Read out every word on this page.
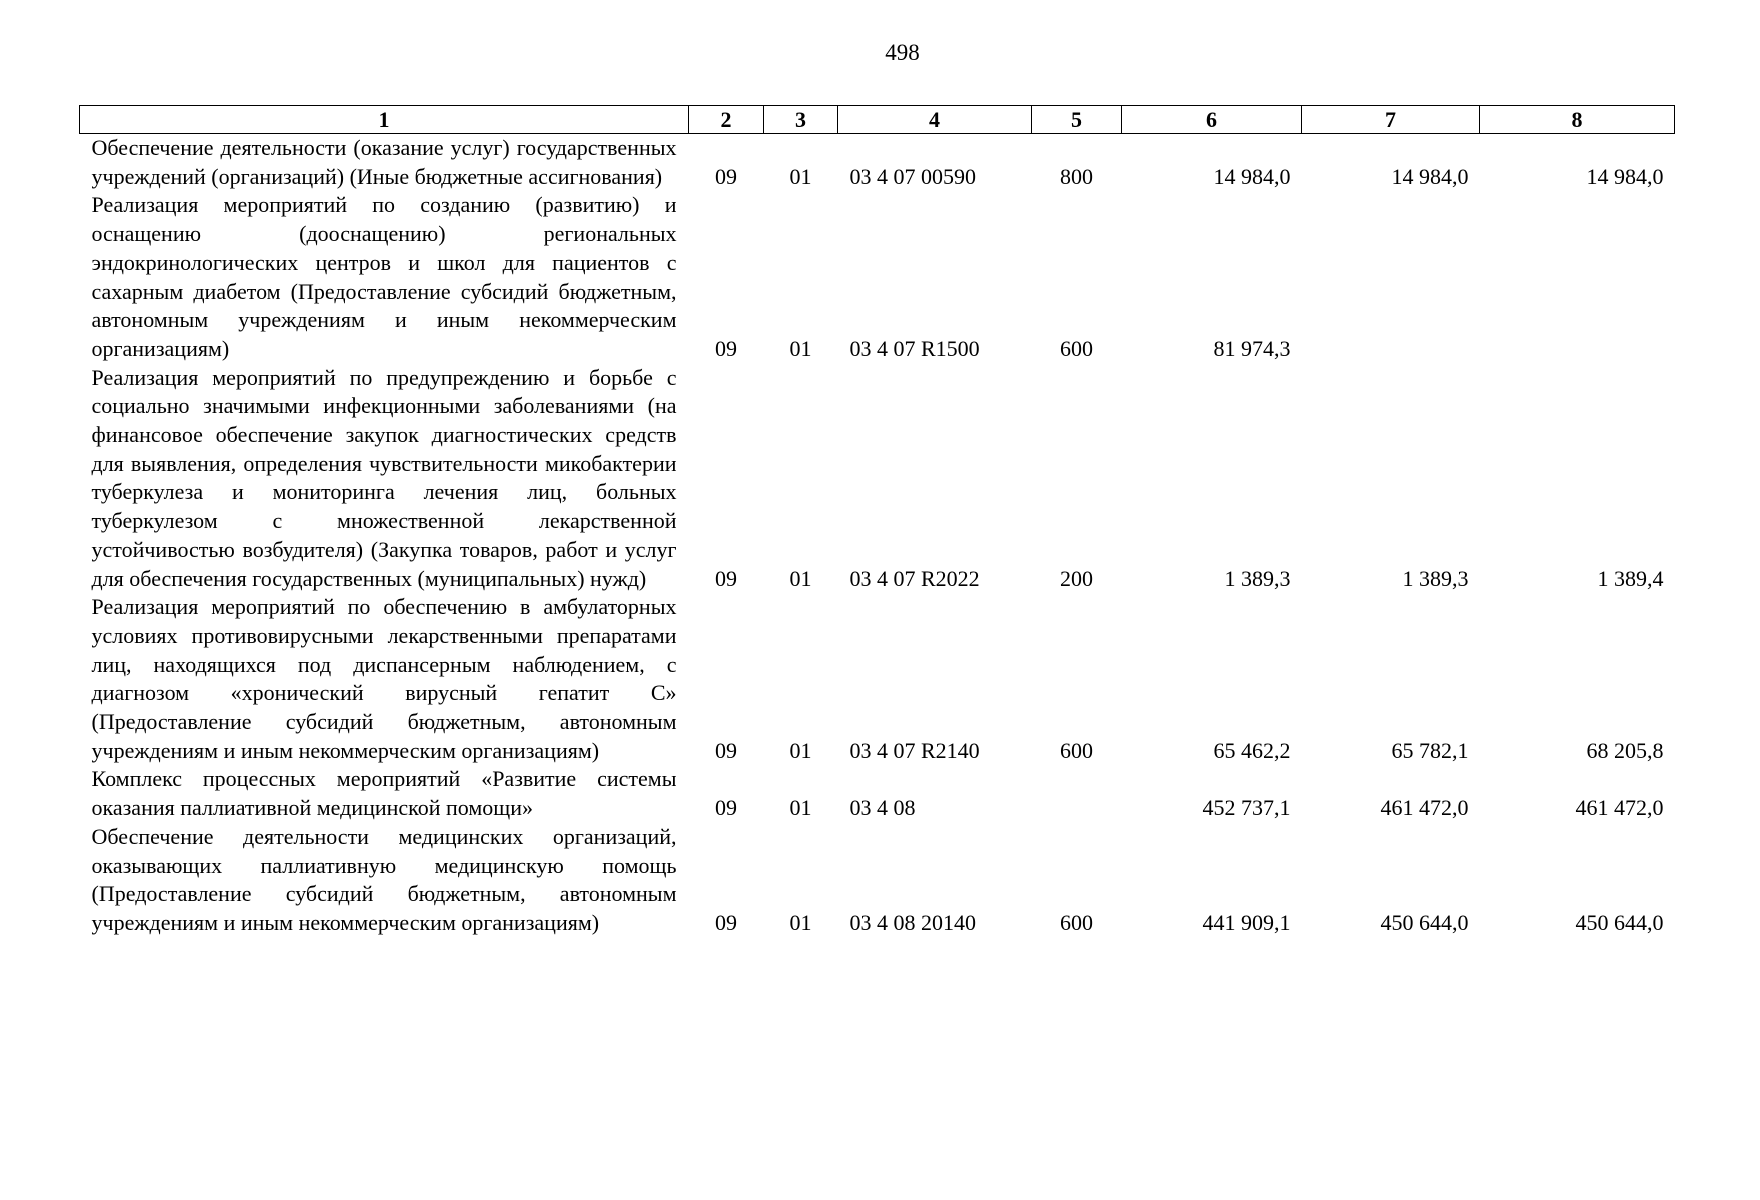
498
1	2	3	4	5	6	7	8
Обеспечение деятельности (оказание услуг) государственных учреждений (организаций) (Иные бюджетные ассигнования)	09	01	03 4 07 00590	800	14 984,0	14 984,0	14 984,0
Реализация мероприятий по созданию (развитию) и оснащению (дооснащению) региональных эндокринологических центров и школ для пациентов с сахарным диабетом (Предоставление субсидий бюджетным, автономным учреждениям и иным некоммерческим организациям)	09	01	03 4 07 R1500	600	81 974,3		
Реализация мероприятий по предупреждению и борьбе с социально значимыми инфекционными заболеваниями (на финансовое обеспечение закупок диагностических средств для выявления, определения чувствительности микобактерии туберкулеза и мониторинга лечения лиц, больных туберкулезом с множественной лекарственной устойчивостью возбудителя) (Закупка товаров, работ и услуг для обеспечения государственных (муниципальных) нужд)	09	01	03 4 07 R2022	200	1 389,3	1 389,3	1 389,4
Реализация мероприятий по обеспечению в амбулаторных условиях противовирусными лекарственными препаратами лиц, находящихся под диспансерным наблюдением, с диагнозом «хронический вирусный гепатит С» (Предоставление субсидий бюджетным, автономным учреждениям и иным некоммерческим организациям)	09	01	03 4 07 R2140	600	65 462,2	65 782,1	68 205,8
Комплекс процессных мероприятий «Развитие системы оказания паллиативной медицинской помощи»	09	01	03 4 08		452 737,1	461 472,0	461 472,0
Обеспечение деятельности медицинских организаций, оказывающих паллиативную медицинскую помощь (Предоставление субсидий бюджетным, автономным учреждениям и иным некоммерческим организациям)	09	01	03 4 08 20140	600	441 909,1	450 644,0	450 644,0
